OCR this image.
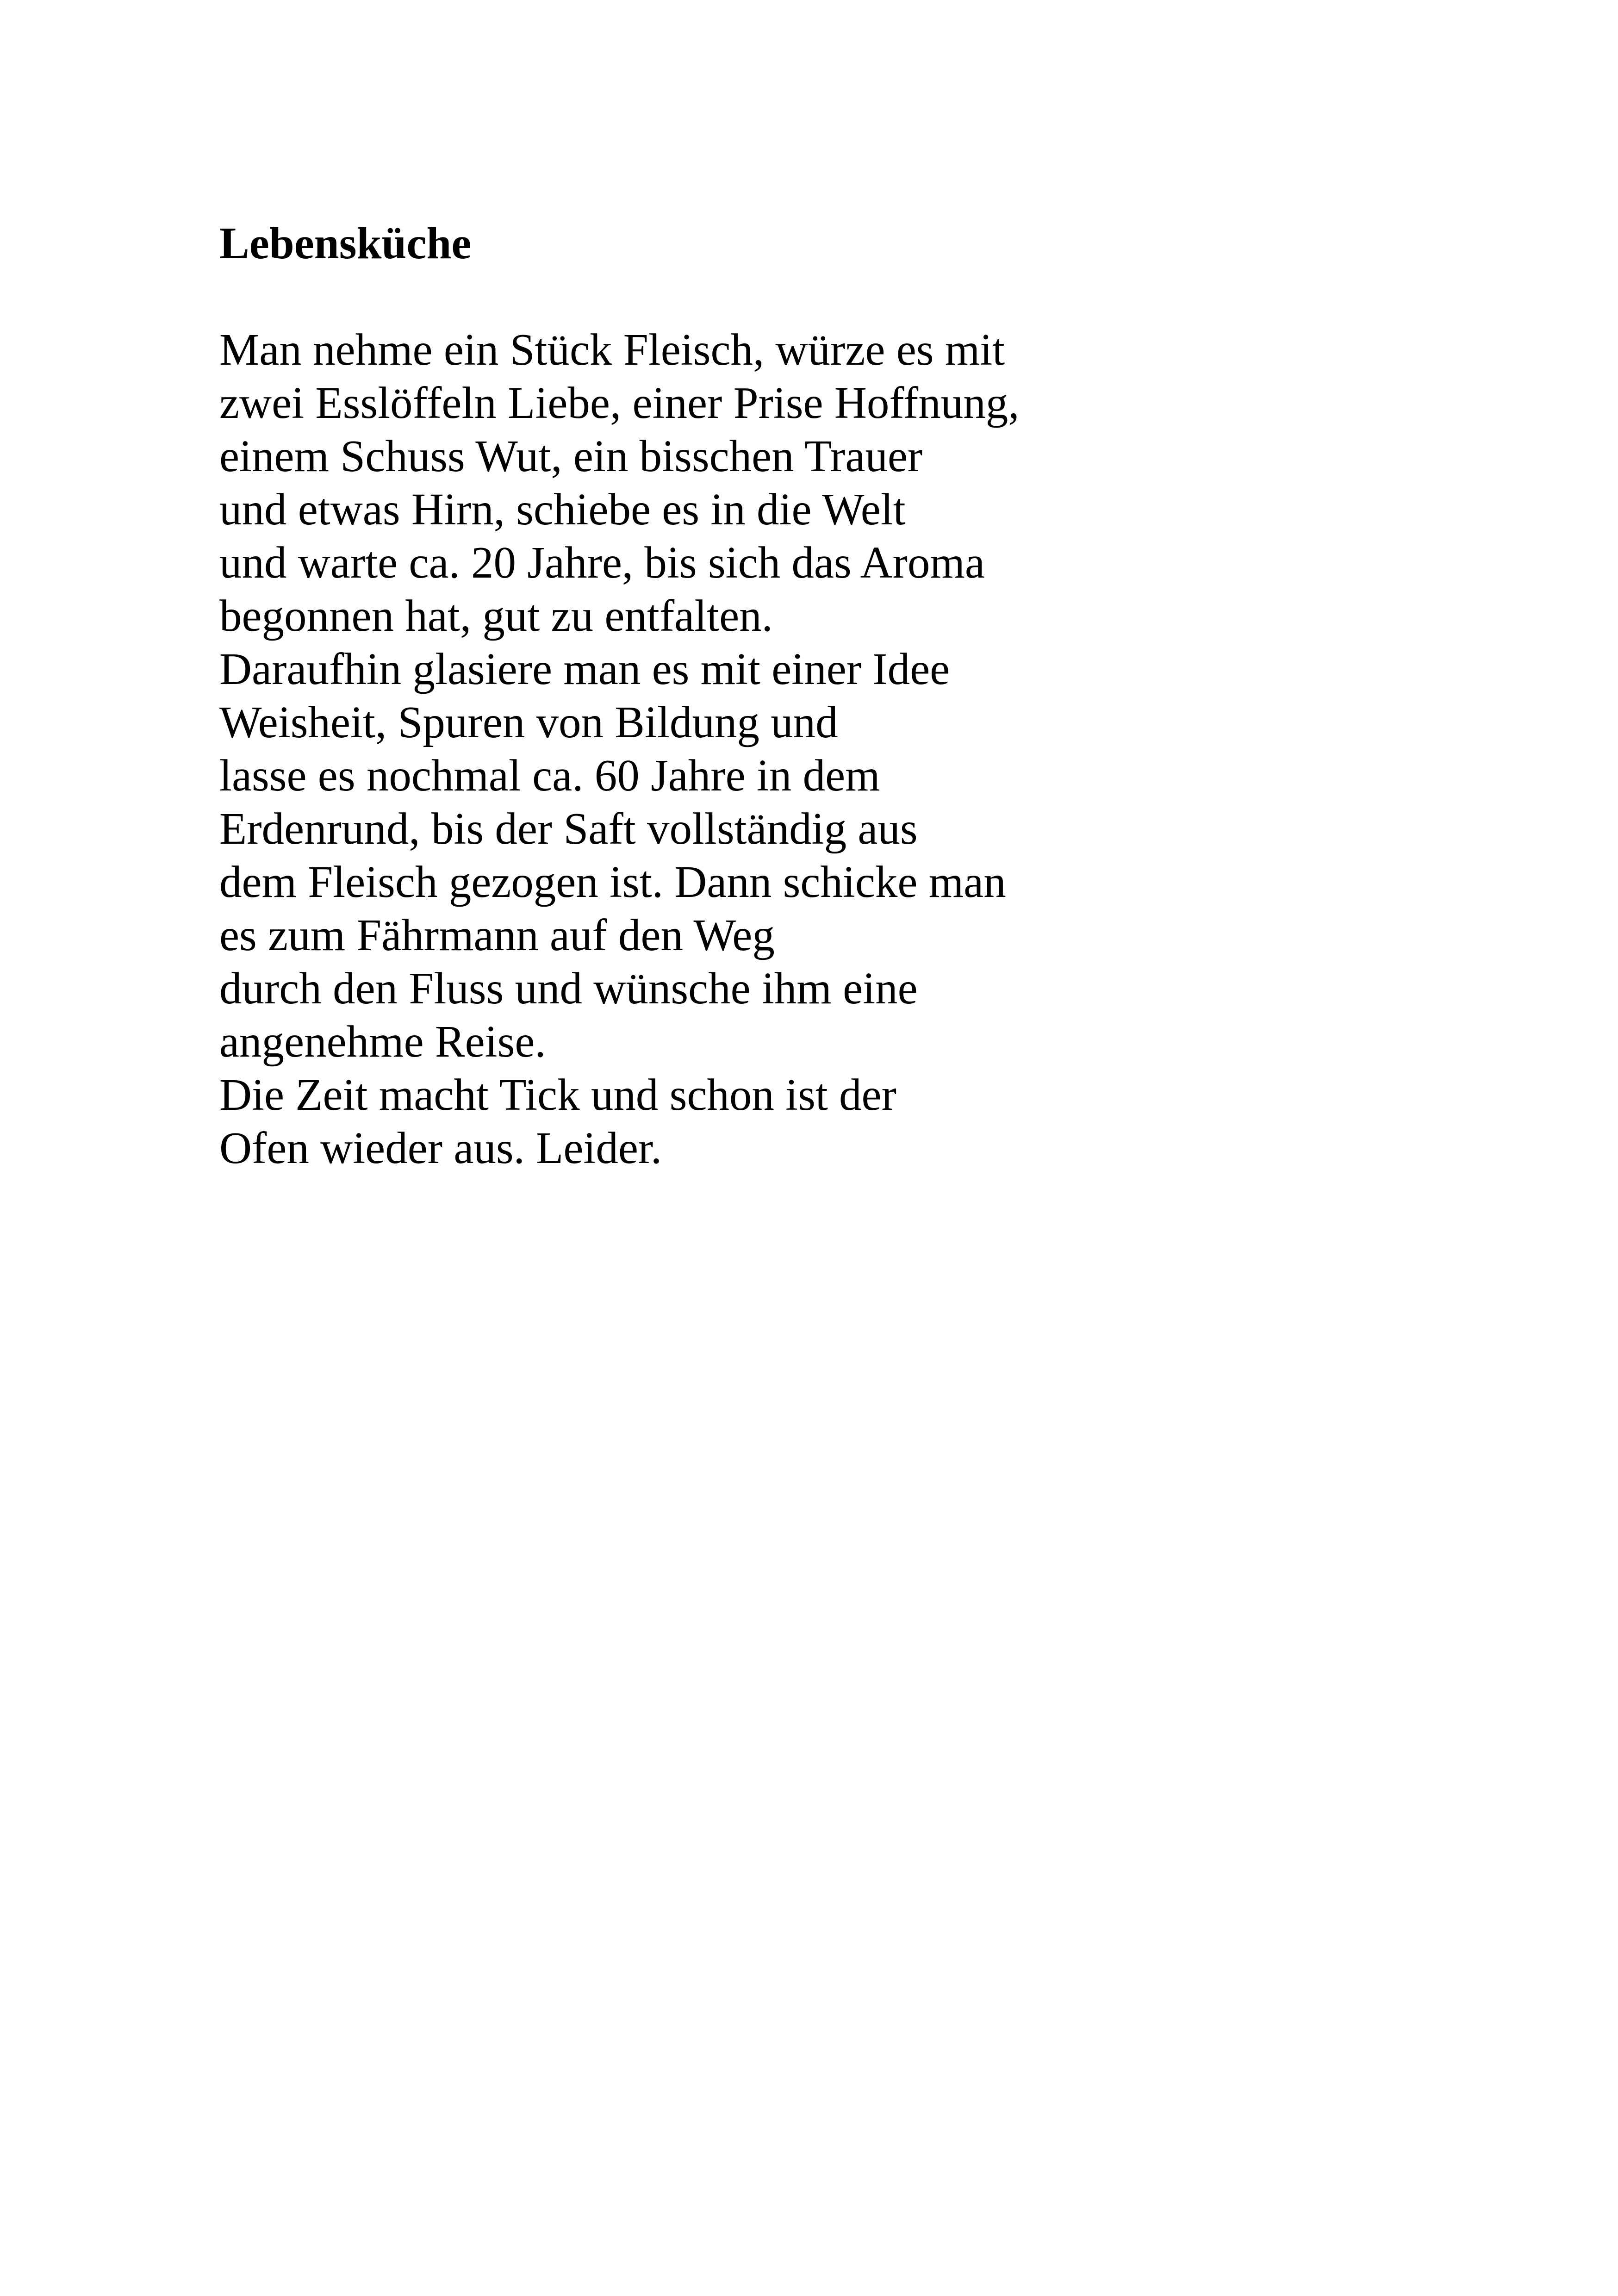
Lebensküche
Man nehme ein Stück Fleisch, würze es mit
zwei Esslöffeln Liebe, einer Prise Hoffnung,
einem Schuss Wut, ein bisschen Trauer
und etwas Hirn, schiebe es in die Welt
und warte ca. 20 Jahre, bis sich das Aroma
begonnen hat, gut zu entfalten.
Daraufhin glasiere man es mit einer Idee
Weisheit, Spuren von Bildung und
lasse es nochmal ca. 60 Jahre in dem
Erdenrund, bis der Saft vollständig aus
dem Fleisch gezogen ist. Dann schicke man
es zum Fährmann auf den Weg
durch den Fluss und wünsche ihm eine
angenehme Reise.
Die Zeit macht Tick und schon ist der
Ofen wieder aus. Leider.
